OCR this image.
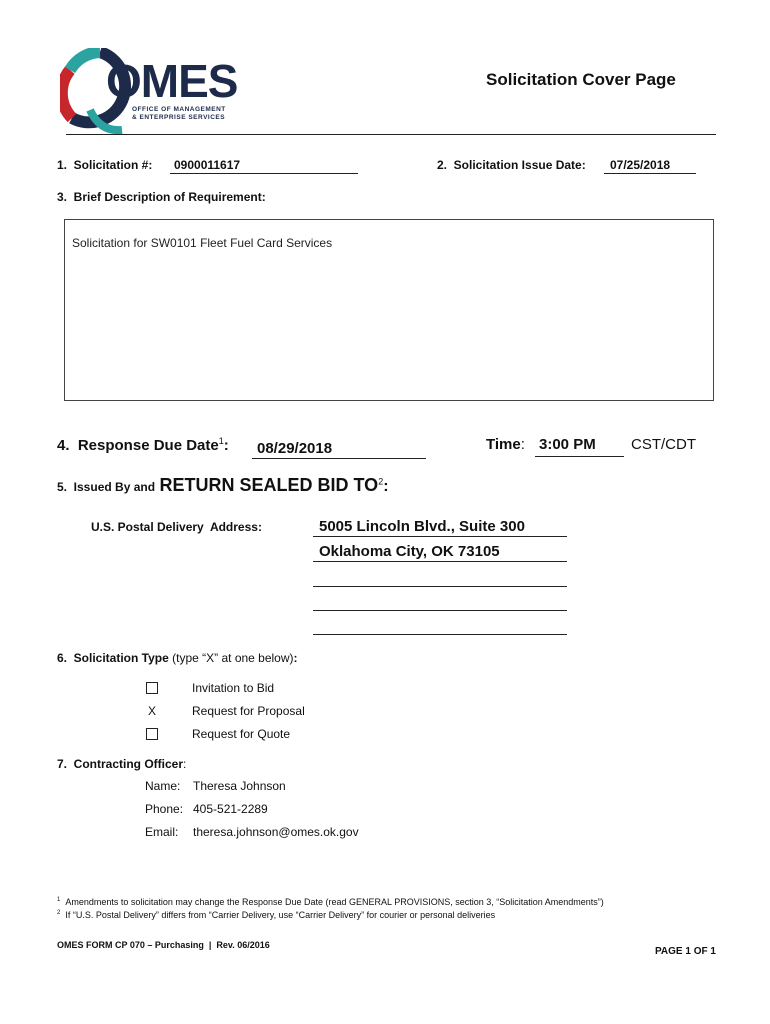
OMES
OFFICE OF MANAGEMENT
& ENTERPRISE SERVICES
Solicitation Cover Page
1.  Solicitation #:	0900011617	2.  Solicitation Issue Date:	07/25/2018
3.  Brief Description of Requirement:
Solicitation for SW0101 Fleet Fuel Card Services
4.  Response Due Date$^1$:	08/29/2018	Time: 3:00 PM	CST/CDT
5.  Issued By and RETURN SEALED BID $TO^2$:
U.S. Postal Delivery  Address:	5005 Lincoln Blvd., Suite 300
Oklahoma City, OK 73105
6.  Solicitation Type (type “X” at one below):
Invitation to Bid
X	Request for Proposal
Request for Quote
7.  Contracting Officer:
Name: Theresa Johnson
Phone: 405-521-2289
Email: theresa.johnson@omes.ok.gov
$^1$ Amendments to solicitation may change the Response Due Date (read GENERAL PROVISIONS, section 3, “Solicitation Amendments”)
$^2$ If “U.S. Postal Delivery” differs from “Carrier Delivery, use “Carrier Delivery” for courier or personal deliveries
OMES FORM CP 070 – Purchasing  |  Rev. 06/2016
PAGE 1 OF 1
